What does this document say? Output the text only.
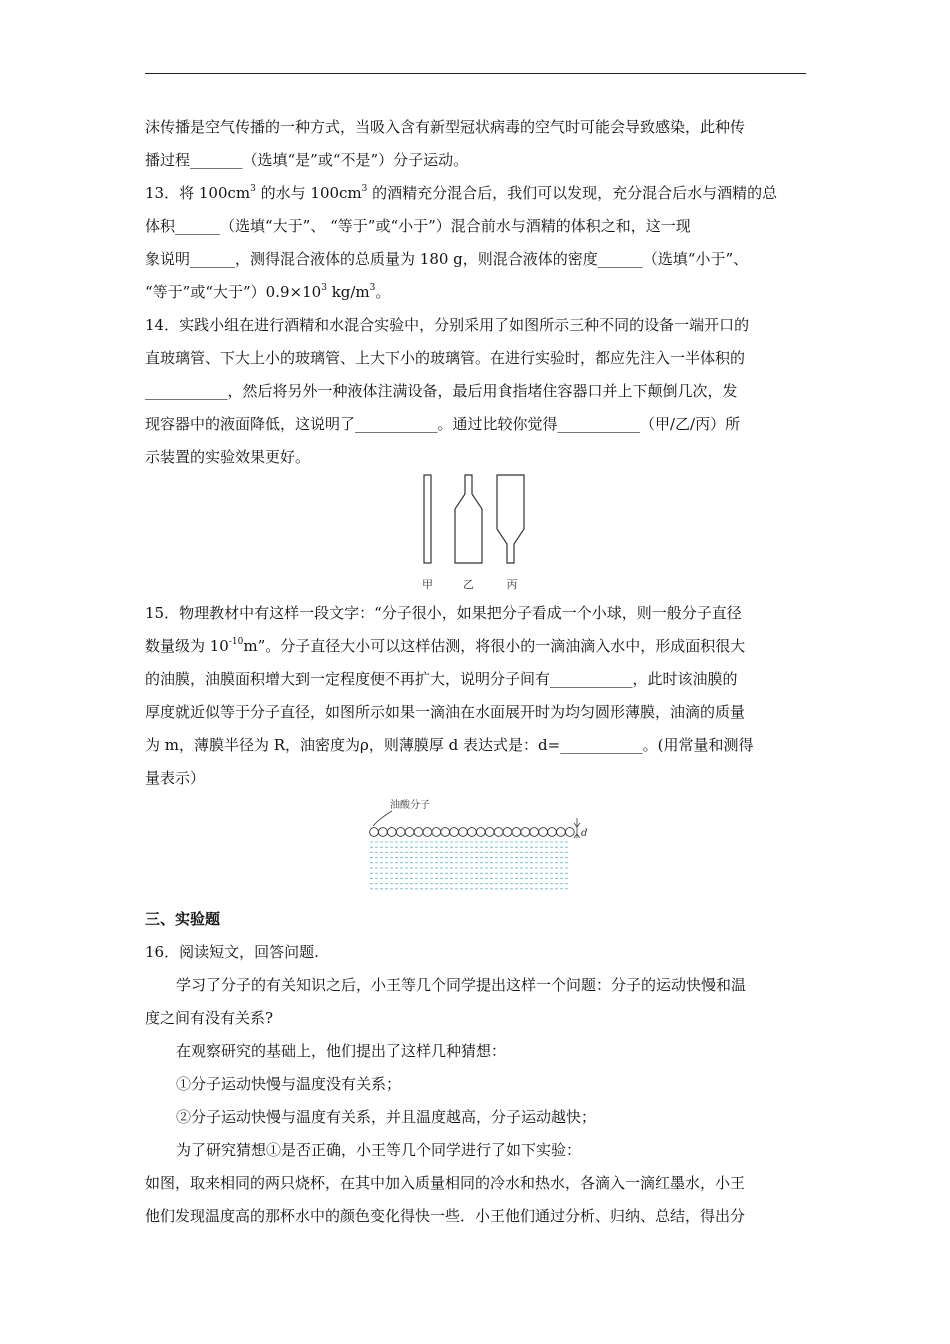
沫传播是空气传播的一种方式，当吸入含有新型冠状病毒的空气时可能会导致感染，此种传
播过程_______（选填“是”或“不是”）分子运动。
13．将 $100cm^3$ 的水与 $100cm^3$ 的酒精充分混合后，我们可以发现，充分混合后水与酒精的总
体积______（选填“大于”、 “等于”或“小于”）混合前水与酒精的体积之和，这一现
象说明______，测得混合液体的总质量为 180 g，则混合液体的密度______（选填“小于”、
“等于”或“大于$”)0.9\times 10^3$ $kg/m^3$。
14．实践小组在进行酒精和水混合实验中，分别采用了如图所示三种不同的设备一端开口的
直玻璃管、下大上小的玻璃管、上大下小的玻璃管。在进行实验时，都应先注入一半体积的
___________，然后将另外一种液体注满设备，最后用食指堵住容器口并上下颠倒几次，发
现容器中的液面降低，这说明了___________。通过比较你觉得___________（甲/乙/丙）所
示装置的实验效果更好。
甲	乙	丙
15．物理教材中有这样一段文字：“分子很小，如果把分子看成一个小球，则一般分子直径
数量级为 $10^{-10}m$”。分子直径大小可以这样估测，将很小的一滴油滴入水中，形成面积很大
的油膜，油膜面积增大到一定程度便不再扩大，说明分子间有___________，此时该油膜的
厚度就近似等于分子直径，如图所示如果一滴油在水面展开时为均匀圆形薄膜，油滴的质量
为 m，薄膜半径为 R，油密度为ρ，则薄膜厚 d 表达式是：d=___________。(用常量和测得
量表示）
油酸分子
d
三、实验题
16．阅读短文，回答问题.
学习了分子的有关知识之后，小王等几个同学提出这样一个问题：分子的运动快慢和温
度之间有没有关系?
在观察研究的基础上，他们提出了这样几种猜想：
①分子运动快慢与温度没有关系；
②分子运动快慢与温度有关系，并且温度越高，分子运动越快；
为了研究猜想①是否正确，小王等几个同学进行了如下实验：
如图，取来相同的两只烧杯，在其中加入质量相同的冷水和热水，各滴入一滴红墨水，小王
他们发现温度高的那杯水中的颜色变化得快一些．小王他们通过分析、归纳、总结，得出分
